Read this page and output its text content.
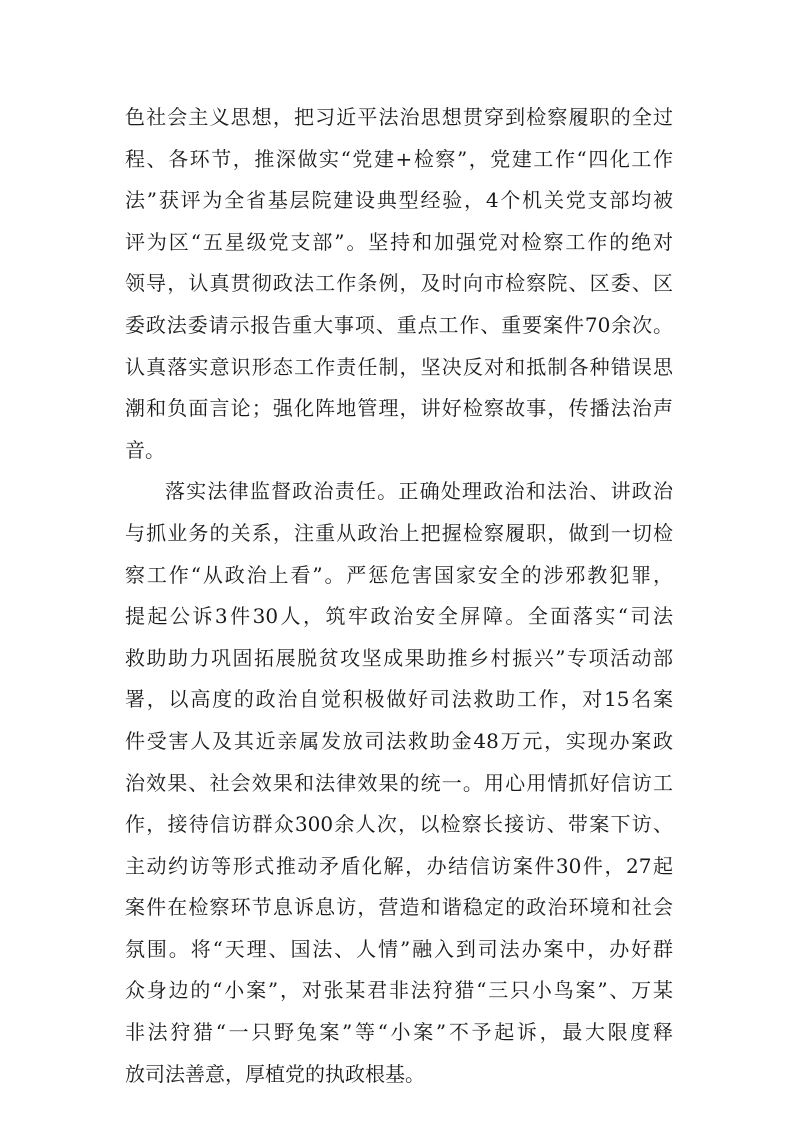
色社会主义思想，把习近平法治思想贯穿到检察履职的全过
程、各环节，推深做实“党建+检察”，党建工作“四化工作
法”获评为全省基层院建设典型经验，4个机关党支部均被
评为区“五星级党支部”。坚持和加强党对检察工作的绝对
领导，认真贯彻政法工作条例，及时向市检察院、区委、区
委政法委请示报告重大事项、重点工作、重要案件70余次。
认真落实意识形态工作责任制，坚决反对和抵制各种错误思
潮和负面言论；强化阵地管理，讲好检察故事，传播法治声
音。
落实法律监督政治责任。正确处理政治和法治、讲政治
与抓业务的关系，注重从政治上把握检察履职，做到一切检
察工作“从政治上看”。严惩危害国家安全的涉邪教犯罪，
提起公诉3件30人，筑牢政治安全屏障。全面落实“司法
救助助力巩固拓展脱贫攻坚成果助推乡村振兴”专项活动部
署，以高度的政治自觉积极做好司法救助工作，对15名案
件受害人及其近亲属发放司法救助金48万元，实现办案政
治效果、社会效果和法律效果的统一。用心用情抓好信访工
作，接待信访群众300余人次，以检察长接访、带案下访、
主动约访等形式推动矛盾化解，办结信访案件30件，27起
案件在检察环节息诉息访，营造和谐稳定的政治环境和社会
氛围。将“天理、国法、人情”融入到司法办案中，办好群
众身边的“小案”，对张某君非法狩猎“三只小鸟案”、万某
非法狩猎“一只野兔案”等“小案”不予起诉，最大限度释
放司法善意，厚植党的执政根基。
